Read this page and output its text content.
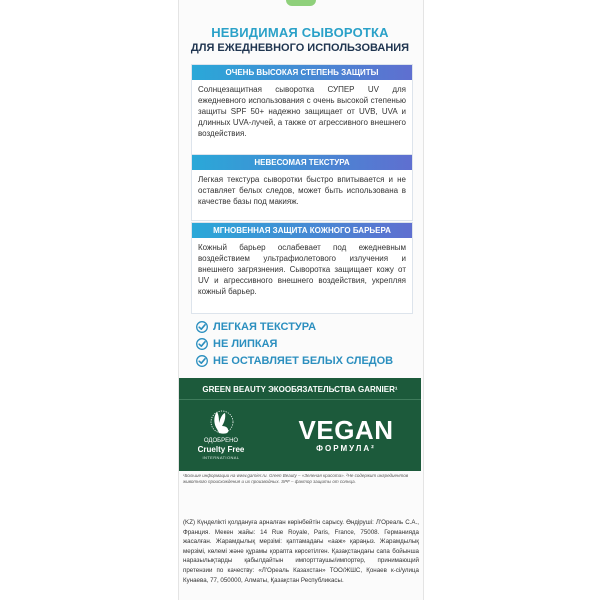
НЕВИДИМАЯ СЫВОРОТКА
ДЛЯ ЕЖЕДНЕВНОГО ИСПОЛЬЗОВАНИЯ
ОЧЕНЬ ВЫСОКАЯ СТЕПЕНЬ ЗАЩИТЫ
Солнцезащитная сыворотка СУПЕР UV для ежедневного использования с очень высокой степенью защиты SPF 50+ надежно защищает от UVB, UVA и длинных UVA-лучей, а также от агрессивного внешнего воздействия.
НЕВЕСОМАЯ ТЕКСТУРА
Легкая текстура сыворотки быстро впитывается и не оставляет белых следов, может быть использована в качестве базы под макияж.
МГНОВЕННАЯ ЗАЩИТА КОЖНОГО БАРЬЕРА
Кожный барьер ослабевает под ежедневным воздействием ультрафиолетового излучения и внешнего загрязнения. Сыворотка защищает кожу от UV и агрессивного внешнего воздействия, укрепляя кожный барьер.
ЛЕГКАЯ ТЕКСТУРА
НЕ ЛИПКАЯ
НЕ ОСТАВЛЯЕТ БЕЛЫХ СЛЕДОВ
GREEN BEAUTY ЭКООБЯЗАТЕЛЬСТВА GARNIER¹
ОДОБРЕНО
Cruelty Free
INTERNATIONAL
VEGAN
ФОРМУЛА²
¹Больше информации на www.garnier.ru. Green Beauty – «Зеленая красота». ²Не содержит ингредиентов животного происхождения и их производных. SPF – фактор защиты от солнца.
(KZ) Күнделікті қолдануға арналған көрінбейтін сарысу. Өндіруші: Л'Ореаль С.А., Франция. Мекен жайы: 14 Rue Royale, Paris, France, 75008. Германияда жасалған. Жарамдылық мерзімі: қаптамадағы «ааж» қараңыз. Жарамдылық мерзімі, көлемі және құрамы қорапта көрсетілген. Қазақстандағы сапа бойынша наразылықтарды қабылдайтын импорттаушы/импортер, принимающий претензии по качеству: «Л'Ореаль Казахстан» ТОО/ЖШС, Қонаев к-сі/улица Кунаева, 77, 050000, Алматы, Қазақстан Республикасы.
